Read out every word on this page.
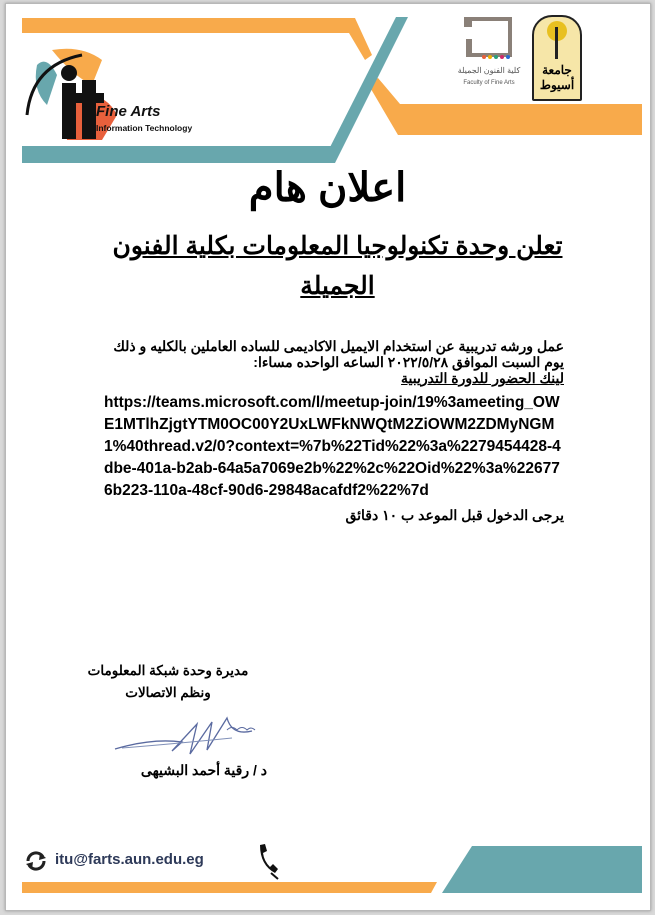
Fine Arts
Information Technology
كلية الفنون الجميلة
Faculty of Fine Arts
جامعة أسيوط
اعلان هام
تعلن وحدة تكنولوجيا المعلومات بكلية الفنون الجميلة
عمل ورشه تدريبية عن استخدام الايميل الاكاديمى للساده العاملين بالكليه و ذلك
يوم السبت الموافق ٢٠٢٢/٥/٢٨ الساعه الواحده مساءا:
لينك الحضور للدورة التدريبية
https://teams.microsoft.com/l/meetup-join/19%3ameeting_OWE1MTlhZjgtYTM0OC00Y2UxLWFkNWQtM2ZiOWM2ZDMyNGM1%40thread.v2/0?context=%7b%22Tid%22%3a%2279454428-4dbe-401a-b2ab-64a5a7069e2b%22%2c%22Oid%22%3a%226776b223-110a-48cf-90d6-29848acafdf2%22%7d
يرجى الدخول قبل الموعد ب ١٠ دقائق
مديرة وحدة شبكة المعلومات
ونظم الاتصالات
د / رقية أحمد البشيهى
itu@farts.aun.edu.eg
